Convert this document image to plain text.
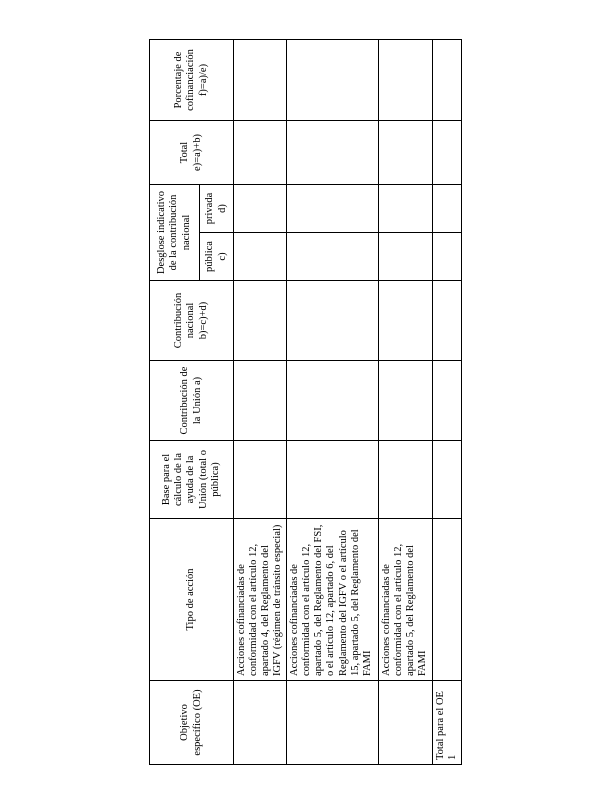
Objetivo específico (OE)	Tipo de acción	Base para el cálculo de la ayuda de la Unión (total o pública)	Contribución de la Unión a)	Contribución nacional b)=c)+d)	Desglose indicativo de la contribución nacional		Total e)=a)+b)	Porcentaje de cofinanciación f)=a)/e)
					pública c)	privada d)		
	Acciones cofinanciadas de conformidad con el artículo 12, apartado 4, del Reglamento del IGFV (régimen de tránsito especial)							
	Acciones cofinanciadas de conformidad con el artículo 12, apartado 5, del Reglamento del FSI, o el artículo 12, apartado 6, del Reglamento del IGFV o el artículo 15, apartado 5, del Reglamento del FAMI							
	Acciones cofinanciadas de conformidad con el artículo 12, apartado 5, del Reglamento del FAMI							
Total para el OE 1								
